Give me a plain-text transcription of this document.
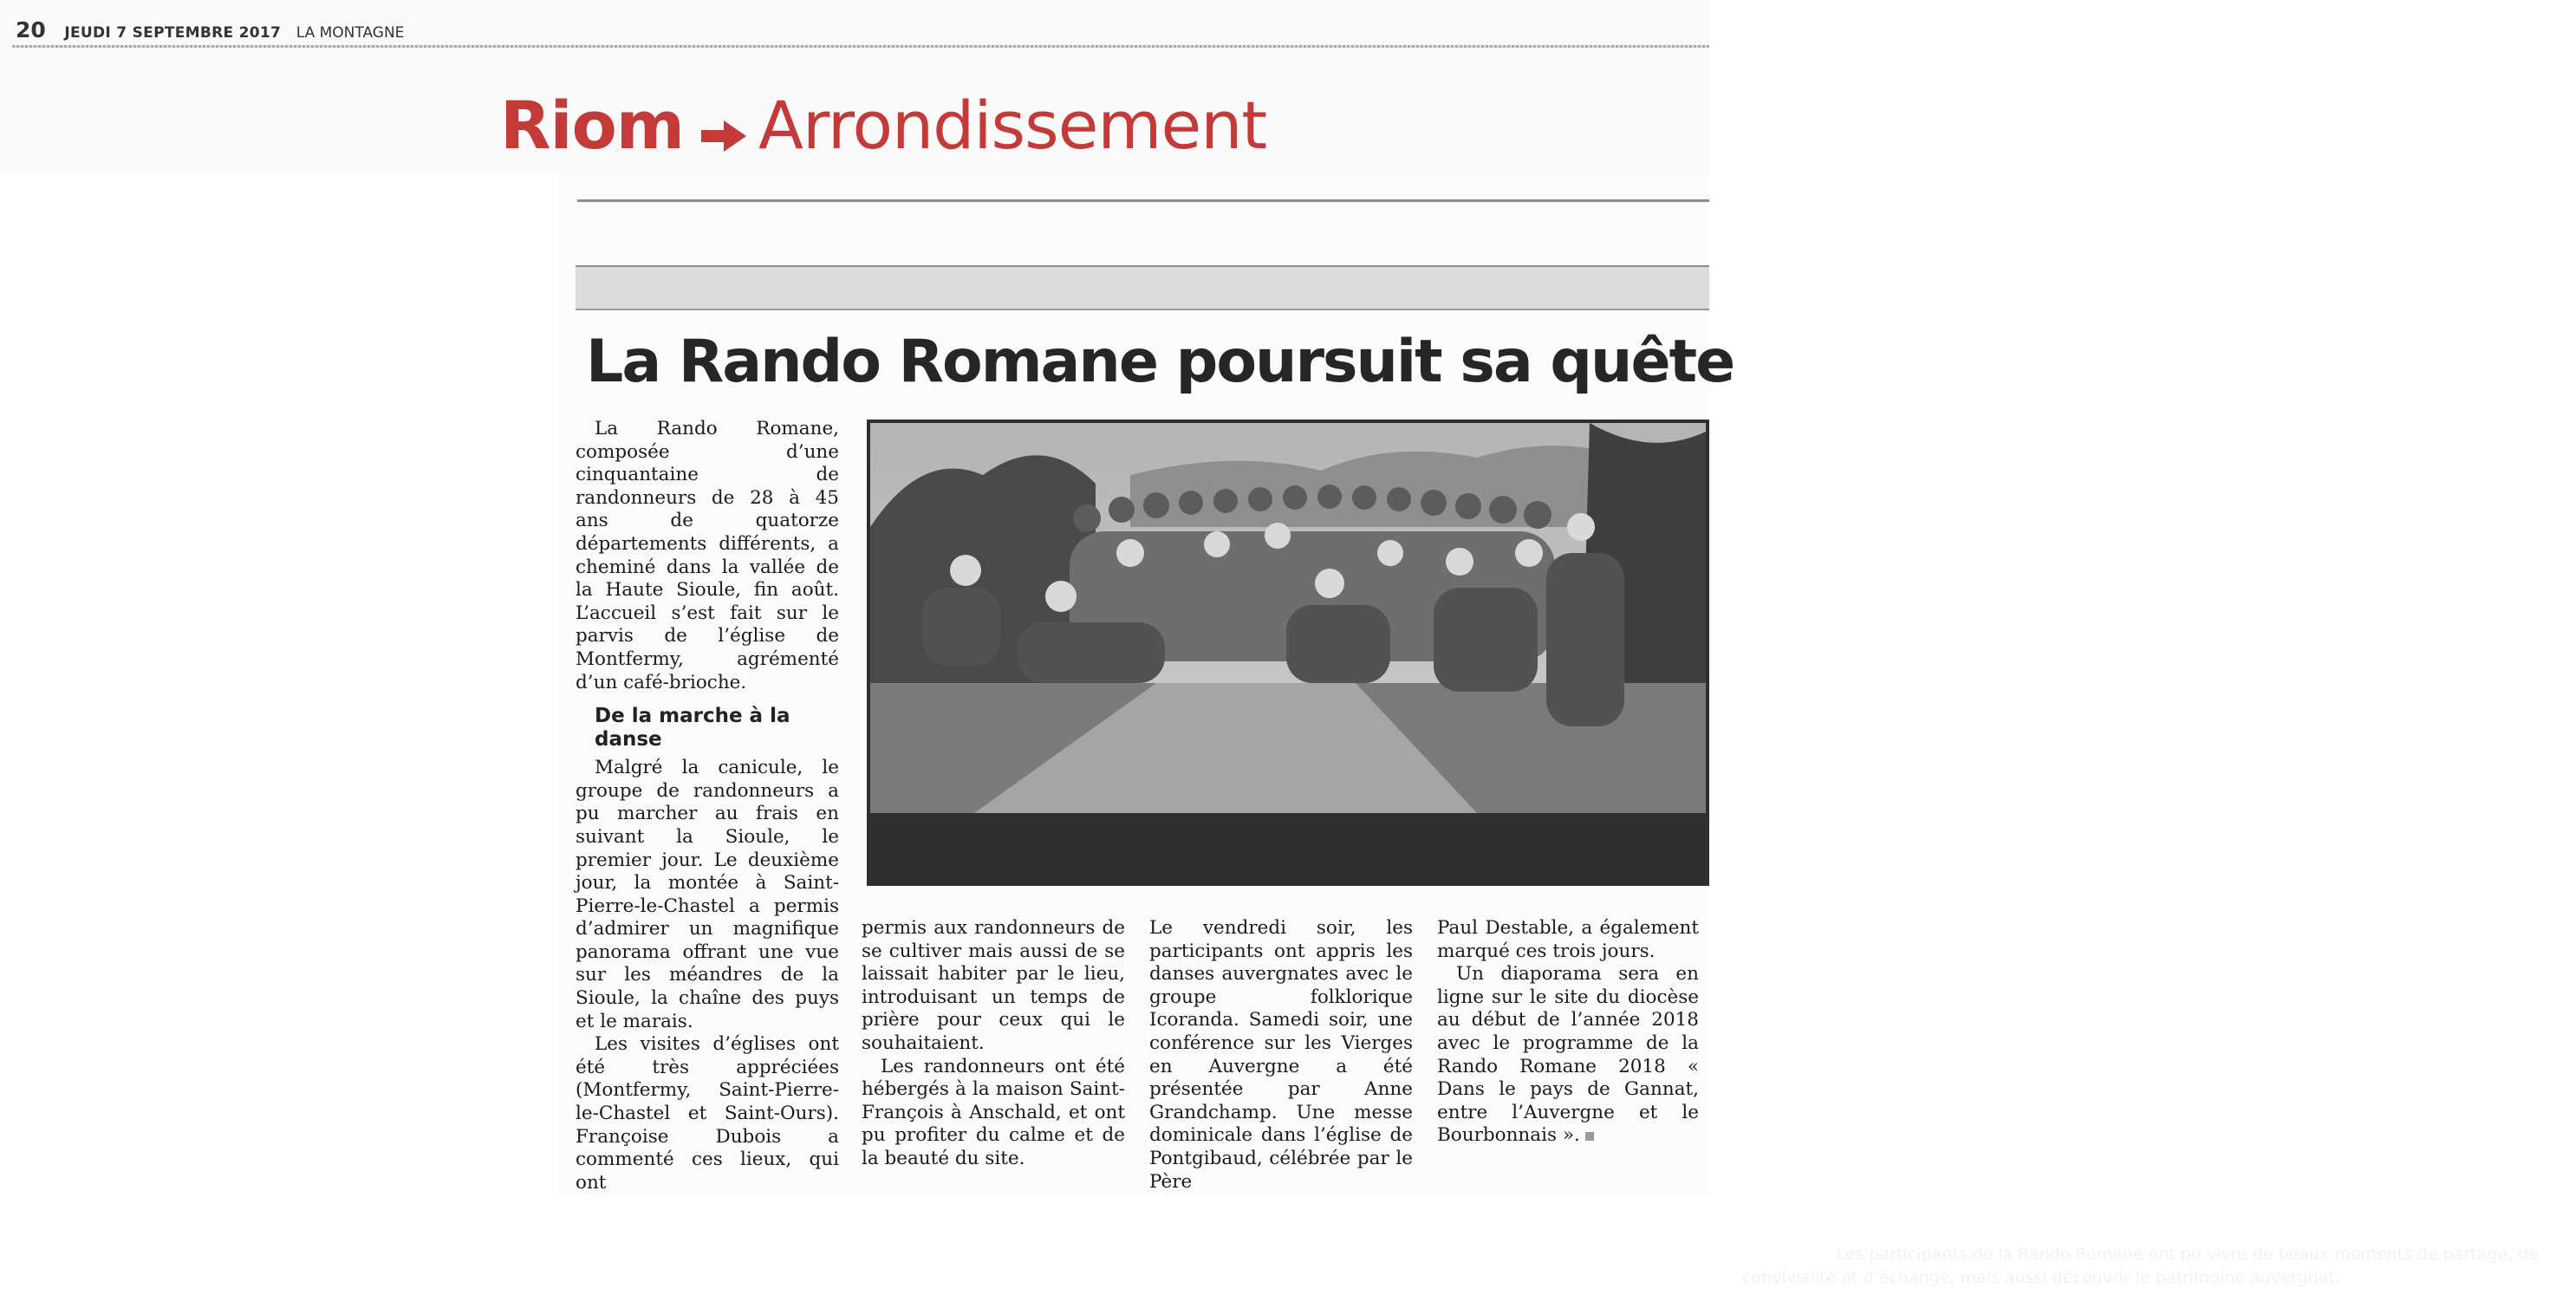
20 JEUDI 7 SEPTEMBRE 2017 LA MONTAGNE
Riom Arrondissement
La Rando Romane poursuit sa quête

La Rando Romane, composée d’une cinquantaine de randonneurs de 28 à 45 ans de quatorze départements différents, a cheminé dans la vallée de la Haute Sioule, fin août. L’accueil s’est fait sur le parvis de l’église de Montfermy, agrémenté d’un café-brioche.

De la marche à la danse

Malgré la canicule, le groupe de randonneurs a pu marcher au frais en suivant la Sioule, le premier jour. Le deuxième jour, la montée à Saint-Pierre-le-Chastel a permis d’admirer un magnifique panorama offrant une vue sur les méandres de la Sioule, la chaîne des puys et le marais.

Les visites d’églises ont été très appréciées (Montfermy, Saint-Pierre-le-Chastel et Saint-Ours). Françoise Dubois a commenté ces lieux, qui ont

PARTAGE. Les participants de la Rando Romane ont pu vivre de beaux moments de partage, de convivialité et d’échange, mais aussi découvrir le patrimoine auvergnat.

permis aux randonneurs de se cultiver mais aussi de se laissait habiter par le lieu, introduisant un temps de prière pour ceux qui le souhaitaient.

Les randonneurs ont été hébergés à la maison Saint-François à Anschald, et ont pu profiter du calme et de la beauté du site.

Le vendredi soir, les participants ont appris les danses auvergnates avec le groupe folklorique Icoranda. Samedi soir, une conférence sur les Vierges en Auvergne a été présentée par Anne Grandchamp. Une messe dominicale dans l’église de Pontgibaud, célébrée par le Père

Paul Destable, a également marqué ces trois jours.

Un diaporama sera en ligne sur le site du diocèse au début de l’année 2018 avec le programme de la Rando Romane 2018 « Dans le pays de Gannat, entre l’Auvergne et le Bourbonnais ».
